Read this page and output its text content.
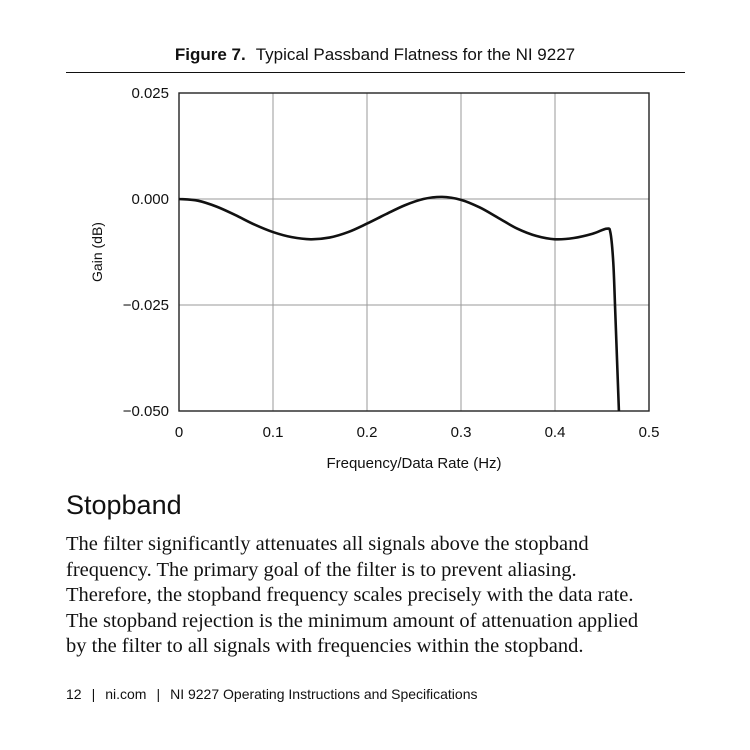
Figure 7. Typical Passband Flatness for the NI 9227
0.025
0.000
−0.025
−0.050
0	0.1	0.2	0.3	0.4	0.5
Gain (dB)
Frequency/Data Rate (Hz)
Stopband
The filter significantly attenuates all signals above the stopband
frequency. The primary goal of the filter is to prevent aliasing.
Therefore, the stopband frequency scales precisely with the data rate.
The stopband rejection is the minimum amount of attenuation applied
by the filter to all signals with frequencies within the stopband.
12 | ni.com | NI 9227 Operating Instructions and Specifications
